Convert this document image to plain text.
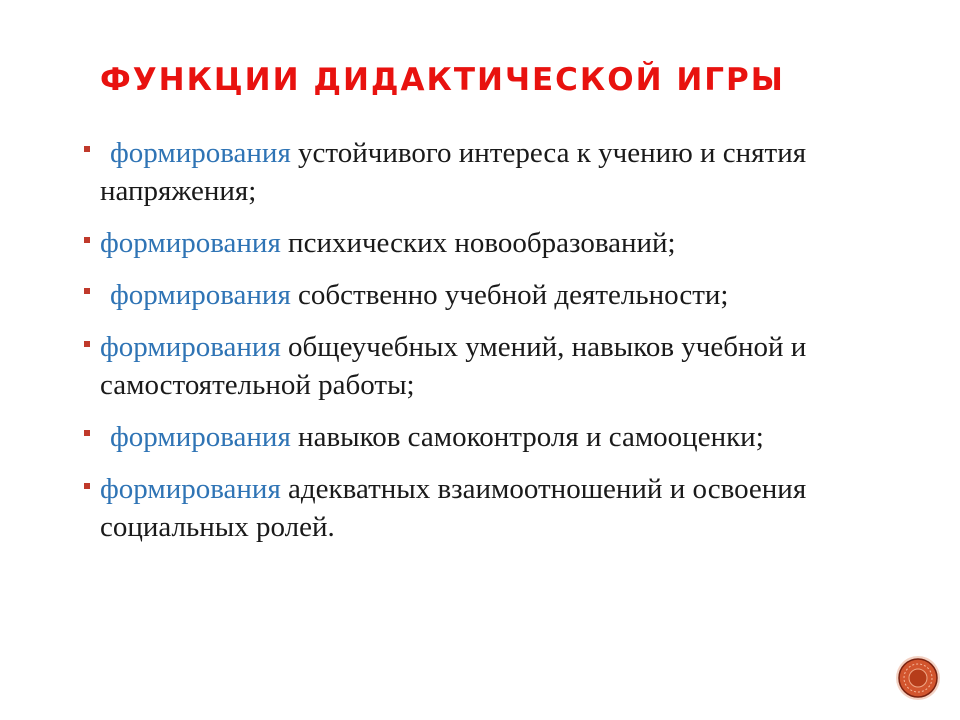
ФУНКЦИИ ДИДАКТИЧЕСКОЙ ИГРЫ
формирования устойчивого интереса к учению и снятия напряжения;
формирования психических новообразований;
формирования собственно учебной деятельности;
формирования общеучебных умений, навыков учебной и самостоятельной работы;
формирования навыков самоконтроля и самооценки;
формирования адекватных взаимоотношений и освоения социальных ролей.
